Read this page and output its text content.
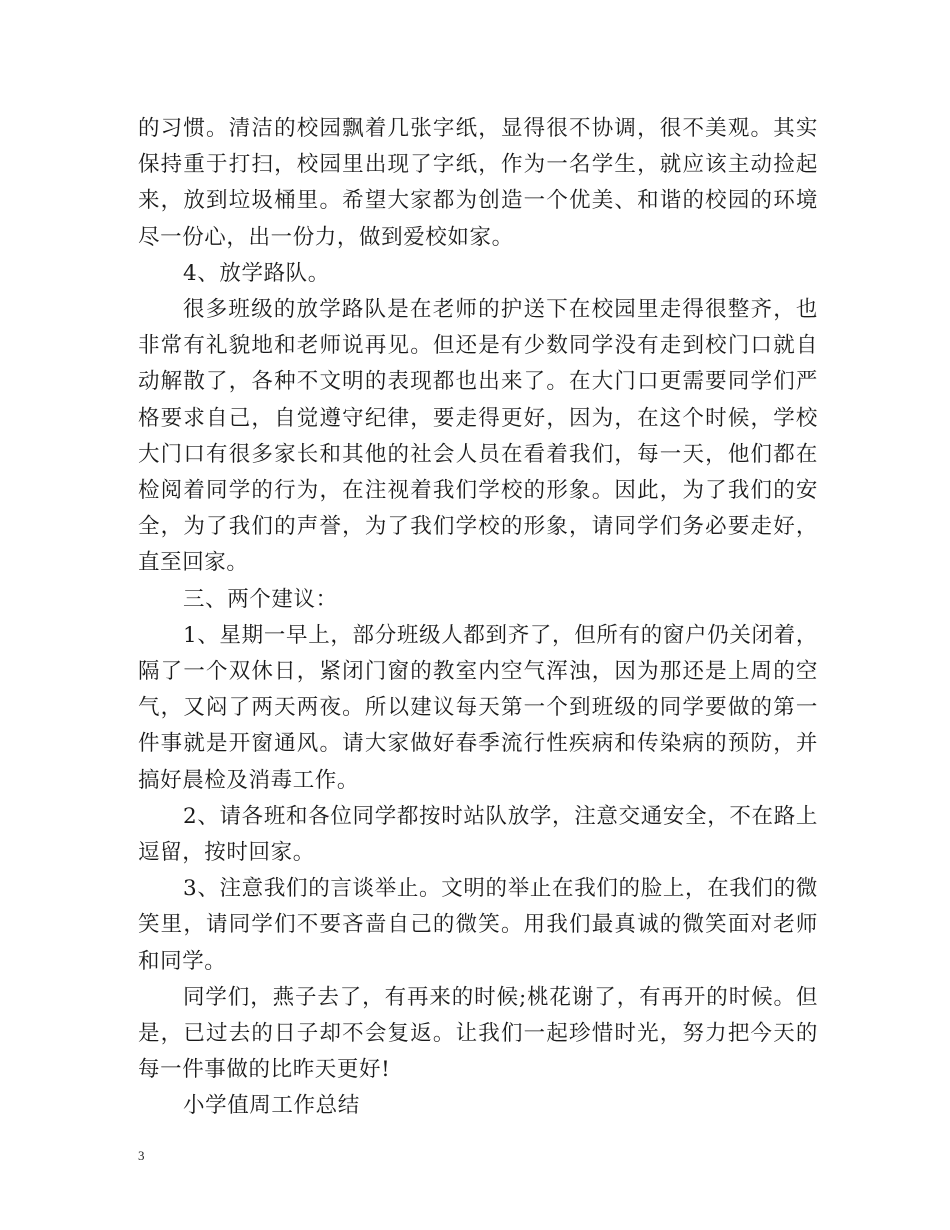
的习惯。清洁的校园飘着几张字纸，显得很不协调，很不美观。其实保持重于打扫，校园里出现了字纸，作为一名学生，就应该主动捡起来，放到垃圾桶里。希望大家都为创造一个优美、和谐的校园的环境尽一份心，出一份力，做到爱校如家。

4、放学路队。

很多班级的放学路队是在老师的护送下在校园里走得很整齐，也非常有礼貌地和老师说再见。但还是有少数同学没有走到校门口就自动解散了，各种不文明的表现都也出来了。在大门口更需要同学们严格要求自己，自觉遵守纪律，要走得更好，因为，在这个时候，学校大门口有很多家长和其他的社会人员在看着我们，每一天，他们都在检阅着同学的行为，在注视着我们学校的形象。因此，为了我们的安全，为了我们的声誉，为了我们学校的形象，请同学们务必要走好，直至回家。

三、两个建议：

1、星期一早上，部分班级人都到齐了，但所有的窗户仍关闭着，隔了一个双休日，紧闭门窗的教室内空气浑浊，因为那还是上周的空气，又闷了两天两夜。所以建议每天第一个到班级的同学要做的第一件事就是开窗通风。请大家做好春季流行性疾病和传染病的预防，并搞好晨检及消毒工作。

2、请各班和各位同学都按时站队放学，注意交通安全，不在路上逗留，按时回家。

3、注意我们的言谈举止。文明的举止在我们的脸上，在我们的微笑里，请同学们不要吝啬自己的微笑。用我们最真诚的微笑面对老师和同学。

同学们，燕子去了，有再来的时候;桃花谢了，有再开的时候。但是，已过去的日子却不会复返。让我们一起珍惜时光，努力把今天的每一件事做的比昨天更好!

小学值周工作总结

3
